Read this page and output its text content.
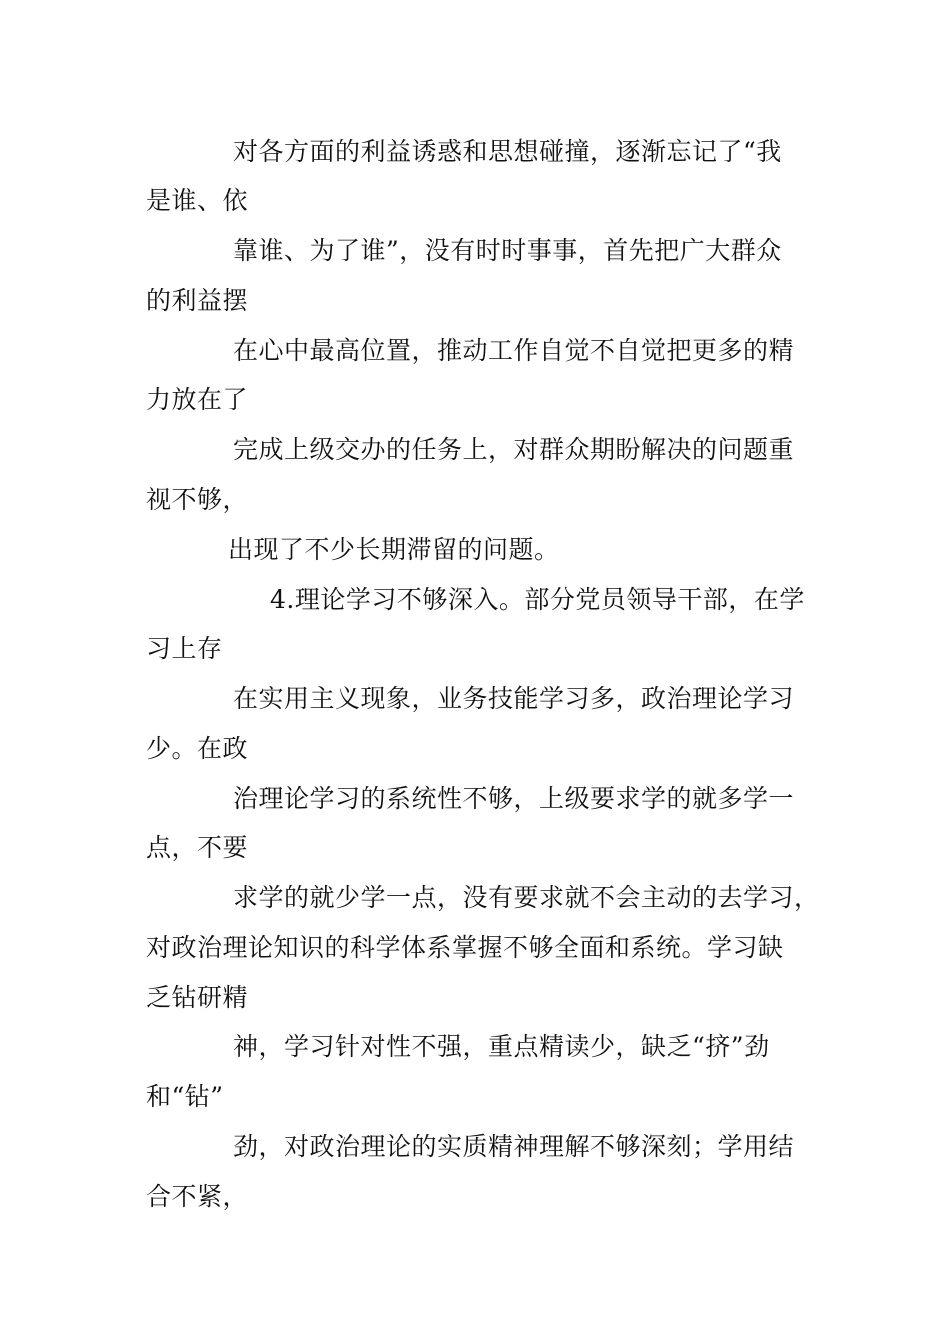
对各方面的利益诱惑和思想碰撞，逐渐忘记了“我
是谁、依
靠谁、为了谁”，没有时时事事，首先把广大群众
的利益摆
在心中最高位置，推动工作自觉不自觉把更多的精
力放在了
完成上级交办的任务上，对群众期盼解决的问题重
视不够，
出现了不少长期滞留的问题。
4.理论学习不够深入。部分党员领导干部，在学
习上存
在实用主义现象，业务技能学习多，政治理论学习
少。在政
治理论学习的系统性不够，上级要求学的就多学一
点，不要
求学的就少学一点，没有要求就不会主动的去学习，
对政治理论知识的科学体系掌握不够全面和系统。学习缺
乏钻研精
神，学习针对性不强，重点精读少，缺乏“挤”劲
和“钻”
劲，对政治理论的实质精神理解不够深刻；学用结
合不紧，
